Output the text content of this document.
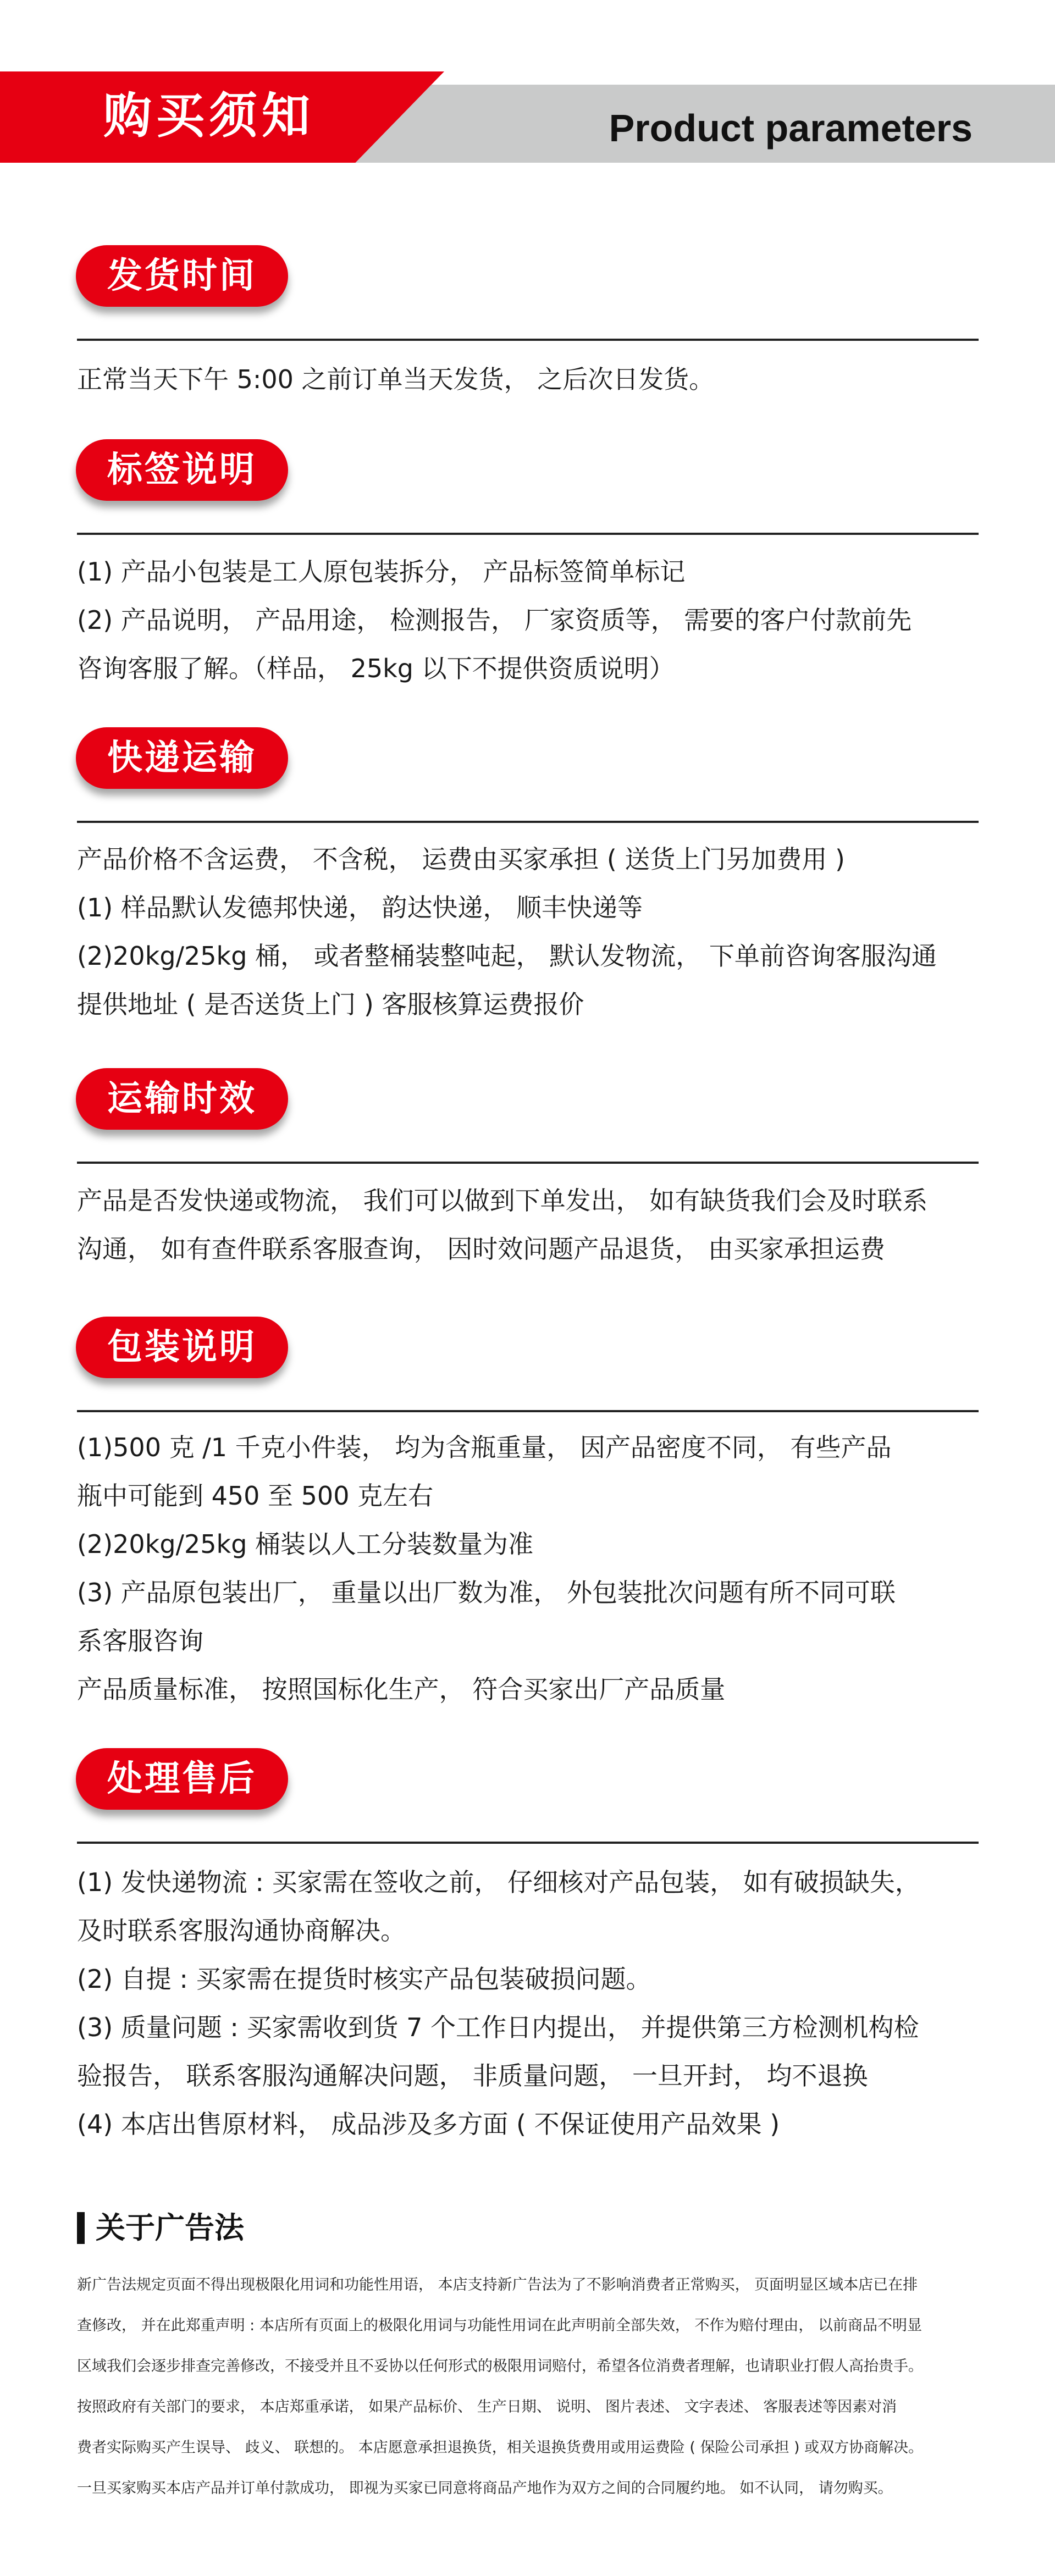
购买须知	Product parameters
发货时间
正常当天下午 5:00 之前订单当天发货， 之后次日发货。
标签说明
(1) 产品小包装是工人原包装拆分， 产品标签简单标记
(2) 产品说明， 产品用途， 检测报告， 厂家资质等， 需要的客户付款前先
咨询客服了解。（样品， 25kg 以下不提供资质说明）
快递运输
产品价格不含运费， 不含税， 运费由买家承担 ( 送货上门另加费用 )
(1) 样品默认发德邦快递， 韵达快递， 顺丰快递等
(2)20kg/25kg 桶， 或者整桶装整吨起， 默认发物流， 下单前咨询客服沟通
提供地址 ( 是否送货上门 ) 客服核算运费报价
运输时效
产品是否发快递或物流， 我们可以做到下单发出， 如有缺货我们会及时联系
沟通， 如有查件联系客服查询， 因时效问题产品退货， 由买家承担运费
包装说明
(1)500 克 /1 千克小件装， 均为含瓶重量， 因产品密度不同， 有些产品
瓶中可能到 450 至 500 克左右
(2)20kg/25kg 桶装以人工分装数量为准
(3) 产品原包装出厂， 重量以出厂数为准， 外包装批次问题有所不同可联
系客服咨询
产品质量标准， 按照国标化生产， 符合买家出厂产品质量
处理售后
(1) 发快递物流 : 买家需在签收之前， 仔细核对产品包装， 如有破损缺失，
及时联系客服沟通协商解决。
(2) 自提 : 买家需在提货时核实产品包装破损问题。
(3) 质量问题 : 买家需收到货 7 个工作日内提出， 并提供第三方检测机构检
验报告， 联系客服沟通解决问题， 非质量问题， 一旦开封， 均不退换
(4) 本店出售原材料， 成品涉及多方面 ( 不保证使用产品效果 )
关于广告法
新广告法规定页面不得出现极限化用词和功能性用语， 本店支持新广告法为了不影响消费者正常购买， 页面明显区域本店已在排
查修改， 并在此郑重声明 : 本店所有页面上的极限化用词与功能性用词在此声明前全部失效， 不作为赔付理由， 以前商品不明显
区域我们会逐步排查完善修改，不接受并且不妥协以任何形式的极限用词赔付，希望各位消费者理解，也请职业打假人高抬贵手。
按照政府有关部门的要求， 本店郑重承诺， 如果产品标价、 生产日期、 说明、 图片表述、 文字表述、 客服表述等因素对消
费者实际购买产生误导、 歧义、 联想的。 本店愿意承担退换货，相关退换货费用或用运费险 ( 保险公司承担 ) 或双方协商解决。
一旦买家购买本店产品并订单付款成功， 即视为买家已同意将商品产地作为双方之间的合同履约地。 如不认同， 请勿购买。
